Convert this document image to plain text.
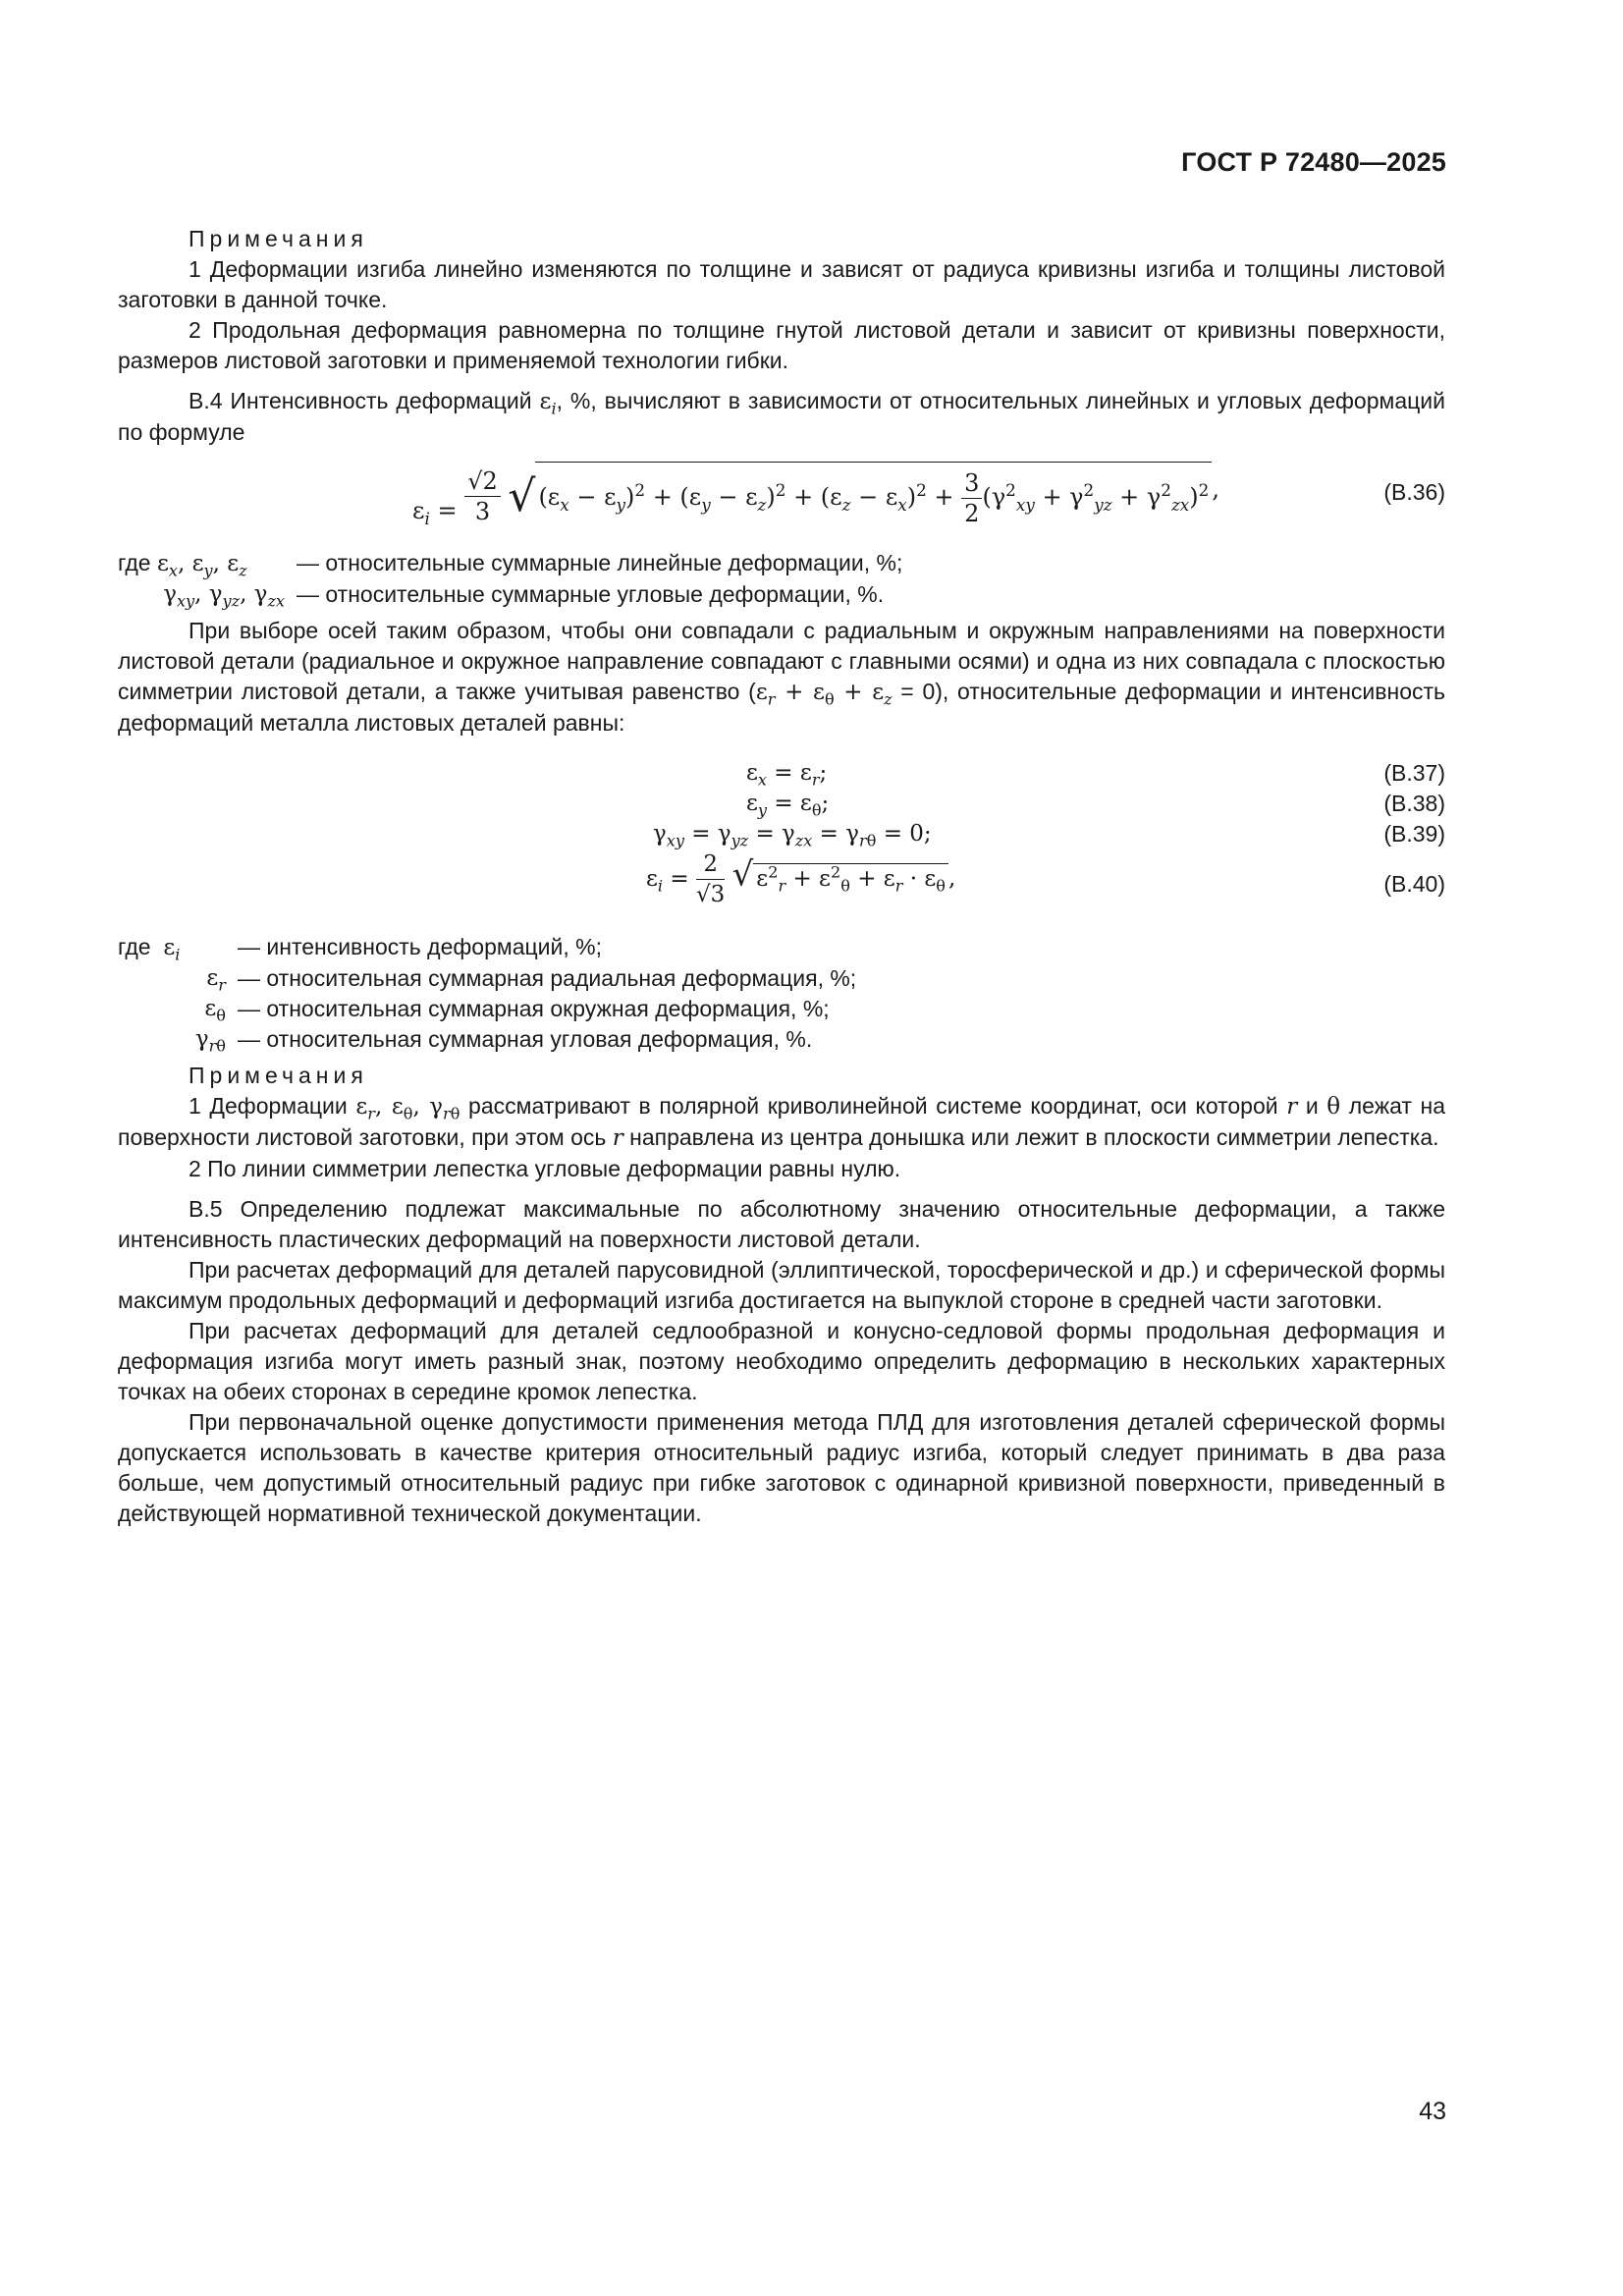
ГОСТ Р 72480—2025

Примечания

1 Деформации изгиба линейно изменяются по толщине и зависят от радиуса кривизны изгиба и толщины листовой заготовки в данной точке.

2 Продольная деформация равномерна по толщине гнутой листовой детали и зависит от кривизны поверхности, размеров листовой заготовки и применяемой технологии гибки.

В.4 Интенсивность деформаций $\varepsilon_i$, %, вычисляют в зависимости от относительных линейных и угловых деформаций по формуле

$\varepsilon_i = \frac{√2}{3}$ √ $(\varepsilon_x - \varepsilon_y)^2 + (\varepsilon_y - \varepsilon_z)^2 + (\varepsilon_z - \varepsilon_x)^2 + \frac{3}{2} (\gamma^2_{xy} + \gamma^2_{yz} + \gamma^2_{zx})^2$ ,	(В.36)
где $\varepsilon_x$, $\varepsilon_y$, $\varepsilon_z$	— относительные суммарные линейные деформации, %;
$\gamma_{xy}$, $\gamma_{yz}$, $\gamma_{zx}$ — относительные суммарные угловые деформации, %.

При выборе осей таким образом, чтобы они совпадали с радиальным и окружным направлениями на поверхности листовой детали (радиальное и окружное направление совпадают с главными осями) и одна из них совпадала с плоскостью симметрии листовой детали, а также учитывая равенство $(\varepsilon_r + \varepsilon_\theta + \varepsilon_z = 0)$, относительные деформации и интенсивность деформаций металла листовых деталей равны:

$\varepsilon_x = \varepsilon_r$;	(В.37)
$\varepsilon_y = \varepsilon_\theta$;	(В.38)
$\gamma_{xy} = \gamma_{yz} = \gamma_{zx} = \gamma_{r\theta} = 0$;	(В.39)
$\varepsilon_i = \frac{2}{√3}$ √ $\varepsilon^2_r + \varepsilon^2_\theta + \varepsilon_r \cdot \varepsilon_\theta$ ,	(В.40)
где $\varepsilon_i$	— интенсивность деформаций, %;
$\varepsilon_r$ — относительная суммарная радиальная деформация, %;
$\varepsilon_\theta$ — относительная суммарная окружная деформация, %;
$\gamma_{r\theta}$ — относительная суммарная угловая деформация, %.

Примечания

1 Деформации $\varepsilon_r$, $\varepsilon_\theta$, $\gamma_{r\theta}$ рассматривают в полярной криволинейной системе координат, оси которой r и θ лежат на поверхности листовой заготовки, при этом ось r направлена из центра донышка или лежит в плоскости симметрии лепестка.

2 По линии симметрии лепестка угловые деформации равны нулю.

В.5 Определению подлежат максимальные по абсолютному значению относительные деформации, а также интенсивность пластических деформаций на поверхности листовой детали.

При расчетах деформаций для деталей парусовидной (эллиптической, торосферической и др.) и сферической формы максимум продольных деформаций и деформаций изгиба достигается на выпуклой стороне в средней части заготовки.

При расчетах деформаций для деталей седлообразной и конусно-седловой формы продольная деформация и деформация изгиба могут иметь разный знак, поэтому необходимо определить деформацию в нескольких характерных точках на обеих сторонах в середине кромок лепестка.

При первоначальной оценке допустимости применения метода ПЛД для изготовления деталей сферической формы допускается использовать в качестве критерия относительный радиус изгиба, который следует принимать в два раза больше, чем допустимый относительный радиус при гибке заготовок с одинарной кривизной поверхности, приведенный в действующей нормативной технической документации.

43
